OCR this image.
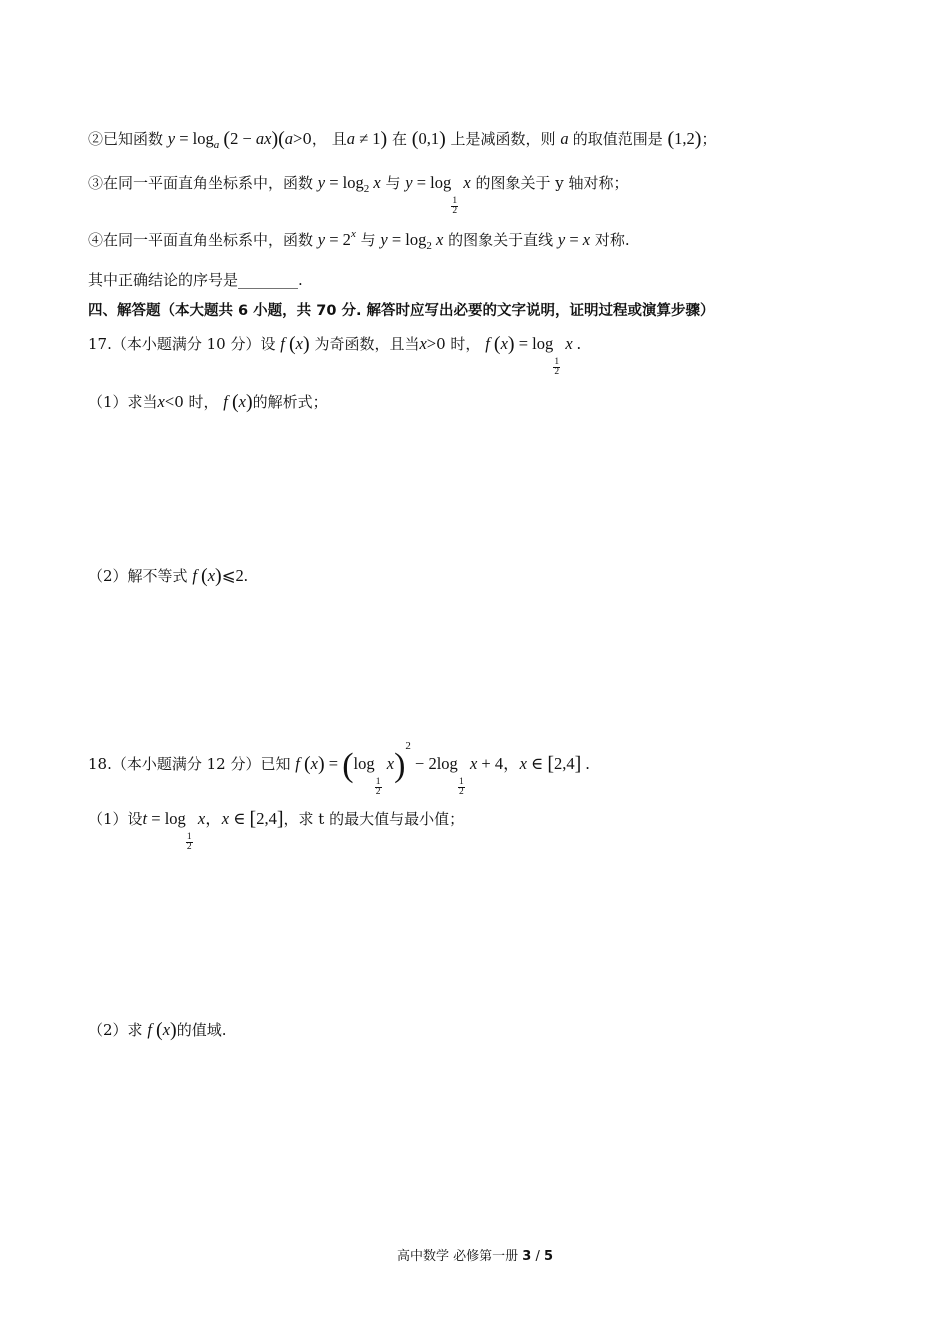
②已知函数 $y = \log_a (2 - ax)(a>0$， 且a ≠ 1) 在 (0,1) 上是减函数，则 a 的取值范围是 (1,2)；
③在同一平面直角坐标系中，函数 $y = \log_2 x$ 与 y = log
$\frac{1}{2}$
x 的图象关于 y 轴对称；
④在同一平面直角坐标系中，函数 $y = 2^x$ 与 $y = \log_2 x$ 的图象关于直线 y = x 对称.
其中正确结论的序号是________.
四、解答题（本大题共 6 小题，共 70 分. 解答时应写出必要的文字说明，证明过程或演算步骤）
17.（本小题满分 10 分）设 f (x) 为奇函数，且当x>0 时， f (x) = log
$\frac{1}{2}$
x .
（1）求当x<0 时， f (x)的解析式；
（2）解不等式 f (x)⩽2.
18.（本小题满分 12 分）已知 f (x) = (log
$\frac{1}{2}$
x)$^2$ − 2log
$\frac{1}{2}$
x + 4，x ∈ [2,4] .
（1）设t = log
$\frac{1}{2}$
x，x ∈ [2,4]，求 t 的最大值与最小值；
（2）求 f (x)的值域.
高中数学 必修第一册 3 / 5
